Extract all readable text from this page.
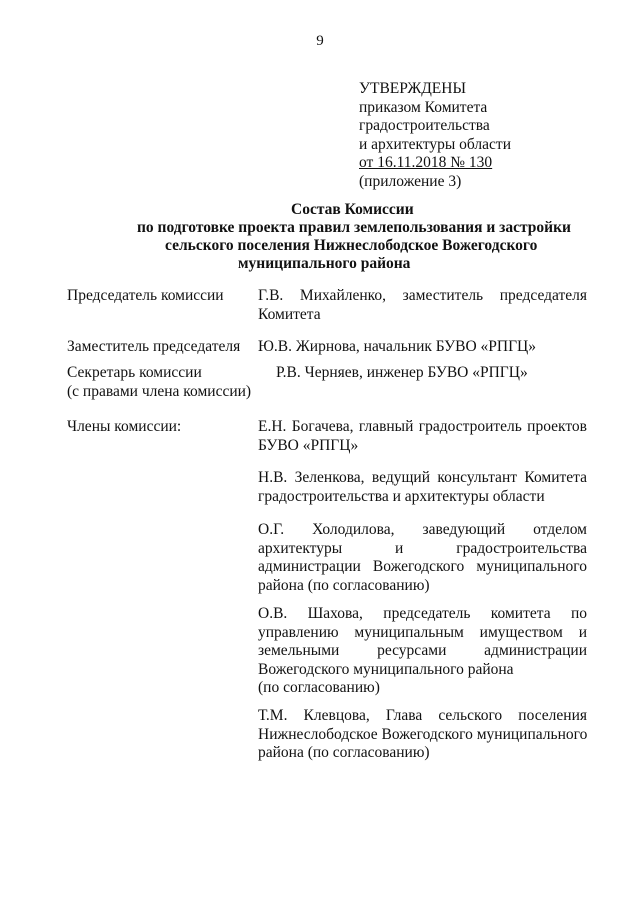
9
УТВЕРЖДЕНЫ
приказом Комитета
градостроительства
и архитектуры области
от 16.11.2018 № 130
(приложение 3)
Состав Комиссии
по подготовке проекта правил землепользования и застройки
сельского поселения Нижнеслободское Вожегодского
муниципального района
Председатель комиссии
Заместитель председателя
Секретарь комиссии
(с правами члена комиссии)
Члены комиссии:
Г.В. Михайленко, заместитель председателя
Комитета
Ю.В. Жирнова, начальник БУВО «РПГЦ»
Р.В. Черняев, инженер БУВО «РПГЦ»
Е.Н. Богачева, главный градостроитель проектов
БУВО «РПГЦ»
Н.В. Зеленкова, ведущий консультант Комитета
градостроительства и архитектуры области
О.Г. Холодилова, заведующий отделом
архитектуры и градостроительства
администрации Вожегодского муниципального
района (по согласованию)
О.В. Шахова, председатель комитета по
управлению муниципальным имуществом и
земельными ресурсами администрации
Вожегодского муниципального района
(по согласованию)
Т.М. Клевцова, Глава сельского поселения
Нижнеслободское Вожегодского муниципального
района (по согласованию)
